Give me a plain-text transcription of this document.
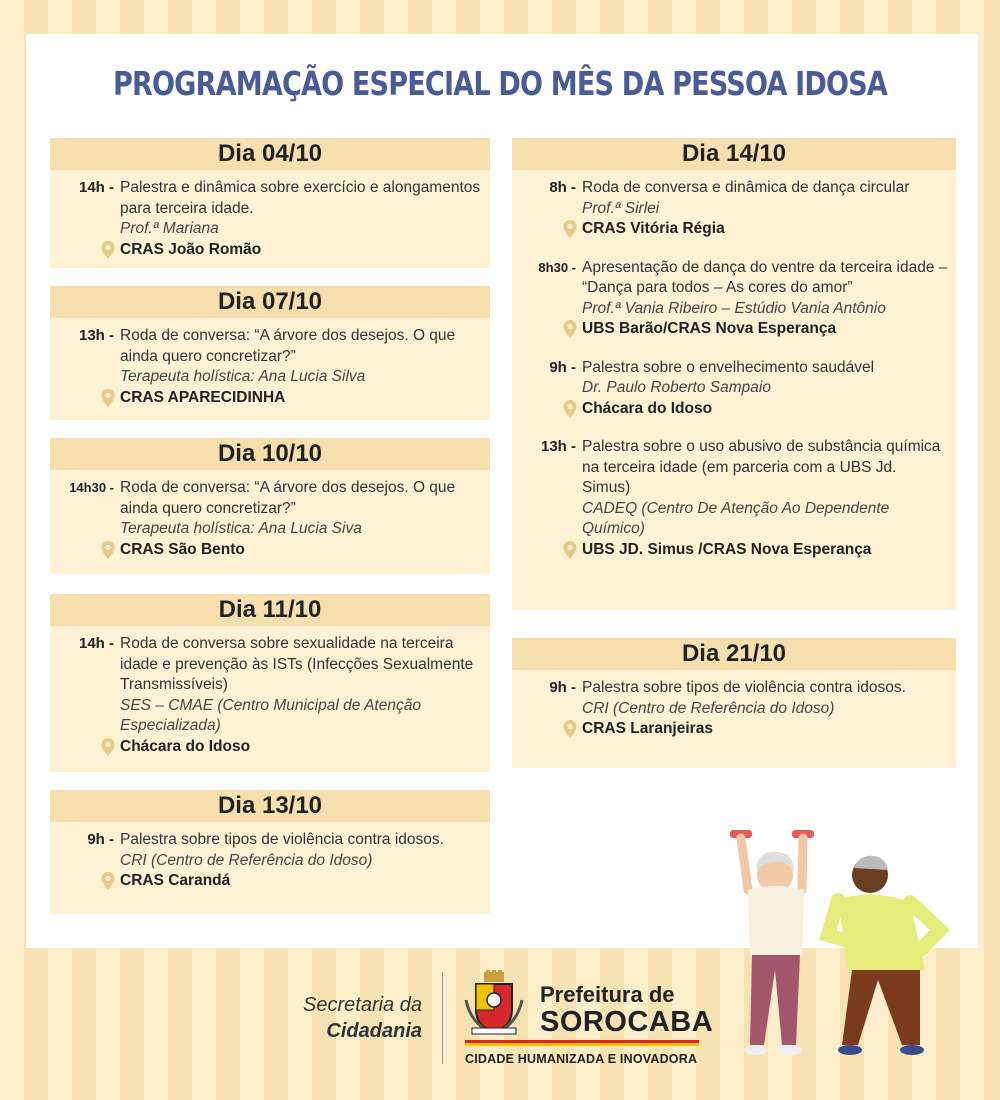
PROGRAMAÇÃO ESPECIAL DO MÊS DA PESSOA IDOSA
Dia 04/10
14h - Palestra e dinâmica sobre exercício e alongamentos para terceira idade.
Prof.ª Mariana
CRAS João Romão
Dia 07/10
13h - Roda de conversa: “A árvore dos desejos. O que ainda quero concretizar?”
Terapeuta holística: Ana Lucia Silva
CRAS APARECIDINHA
Dia 10/10
14h30 - Roda de conversa: “A árvore dos desejos. O que ainda quero concretizar?”
Terapeuta holística: Ana Lucia Siva
CRAS São Bento
Dia 11/10
14h - Roda de conversa sobre sexualidade na terceira idade e prevenção às ISTs (Infecções Sexualmente Transmissíveis)
SES – CMAE (Centro Municipal de Atenção Especializada)
Chácara do Idoso
Dia 13/10
9h - Palestra sobre tipos de violência contra idosos.
CRI (Centro de Referência do Idoso)
CRAS Carandá
Dia 14/10
8h - Roda de conversa e dinâmica de dança circular
Prof.ª Sirlei
CRAS Vitória Régia
8h30 - Apresentação de dança do ventre da terceira idade – “Dança para todos – As cores do amor”
Prof.ª Vania Ribeiro – Estúdio Vania Antônio
UBS Barão/CRAS Nova Esperança
9h - Palestra sobre o envelhecimento saudável
Dr. Paulo Roberto Sampaio
Chácara do Idoso
13h - Palestra sobre o uso abusivo de substância química na terceira idade (em parceria com a UBS Jd. Simus)
CADEQ (Centro De Atenção Ao Dependente Químico)
UBS JD. Simus /CRAS Nova Esperança
Dia 21/10
9h - Palestra sobre tipos de violência contra idosos.
CRI (Centro de Referência do Idoso)
CRAS Laranjeiras
Secretaria da
Cidadania
Prefeitura de
SOROCABA
CIDADE HUMANIZADA E INOVADORA
